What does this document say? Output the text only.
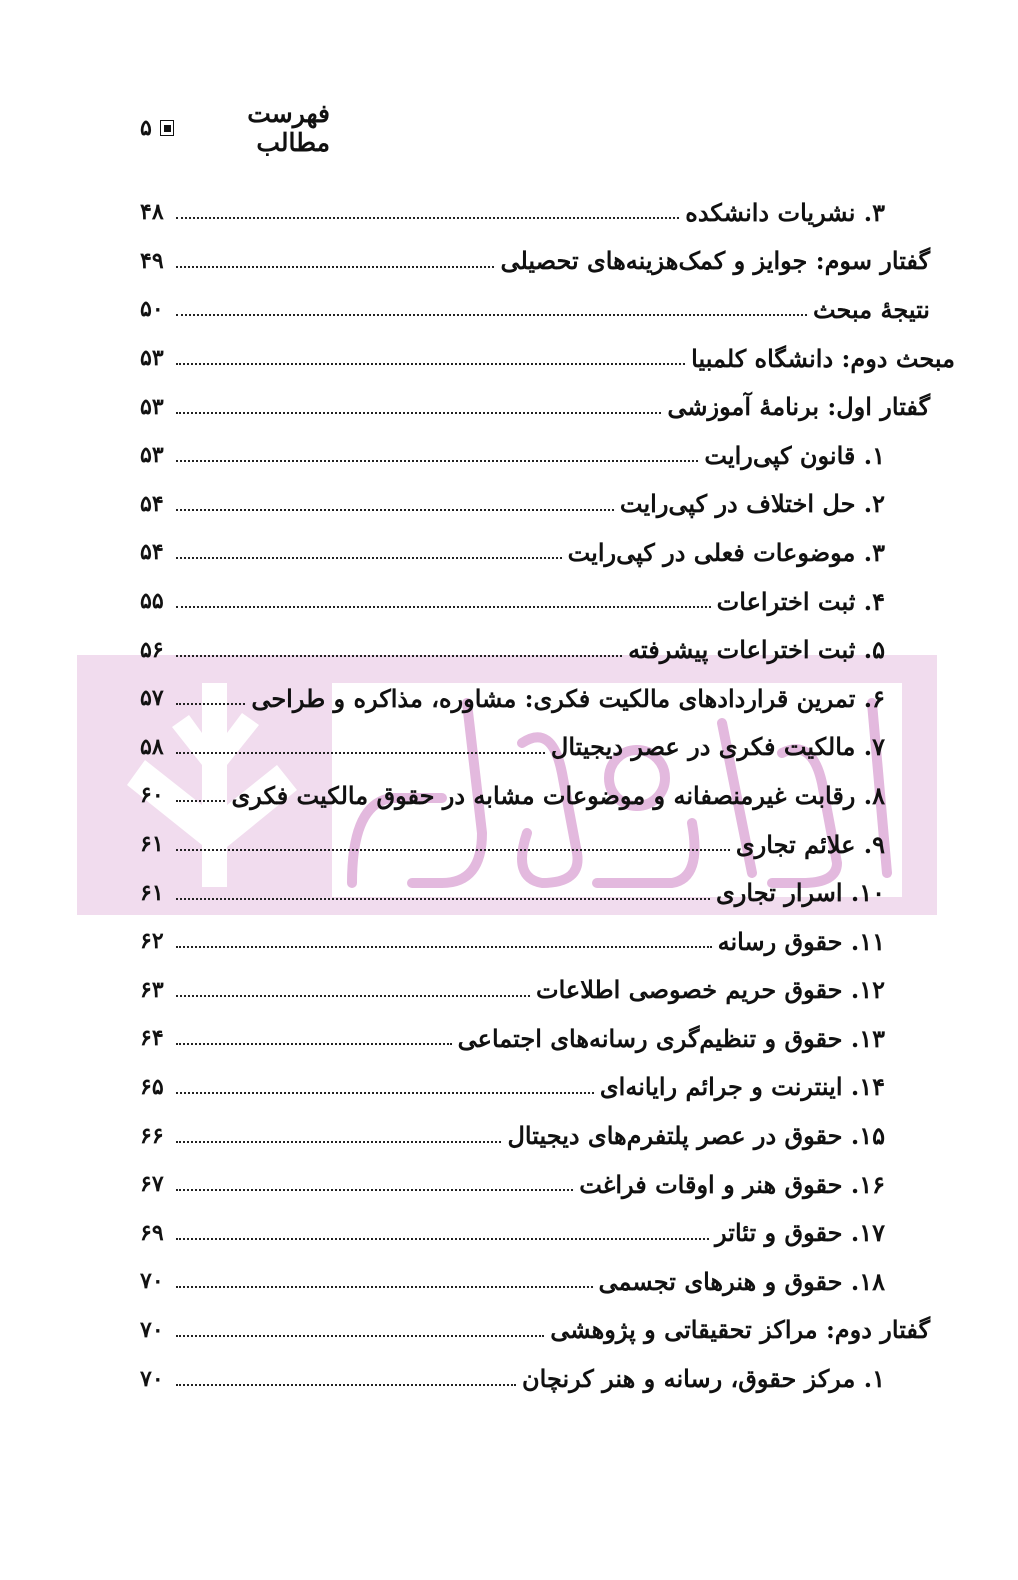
فهرست مطالب
۵
۳. نشریات دانشکده
۴۸
گفتار سوم: جوایز و کمک‌هزینه‌های تحصیلی
۴۹
نتیجهٔ مبحث
۵۰
مبحث دوم: دانشگاه کلمبیا
۵۳
گفتار اول: برنامهٔ آموزشی
۵۳
۱. قانون کپی‌رایت
۵۳
۲. حل اختلاف در کپی‌رایت
۵۴
۳. موضوعات فعلی در کپی‌رایت
۵۴
۴. ثبت اختراعات
۵۵
۵. ثبت اختراعات پیشرفته
۵۶
۶. تمرین قراردادهای مالکیت فکری: مشاوره، مذاکره و طراحی
۵۷
۷. مالکیت فکری در عصر دیجیتال
۵۸
۸. رقابت غیرمنصفانه و موضوعات مشابه در حقوق مالکیت فکری
۶۰
۹. علائم تجاری
۶۱
۱۰. اسرار تجاری
۶۱
۱۱. حقوق رسانه
۶۲
۱۲. حقوق حریم خصوصی اطلاعات
۶۳
۱۳. حقوق و تنظیم‌گری رسانه‌های اجتماعی
۶۴
۱۴. اینترنت و جرائم رایانه‌ای
۶۵
۱۵. حقوق در عصر پلتفرم‌های دیجیتال
۶۶
۱۶. حقوق هنر و اوقات فراغت
۶۷
۱۷. حقوق و تئاتر
۶۹
۱۸. حقوق و هنرهای تجسمی
۷۰
گفتار دوم: مراکز تحقیقاتی و پژوهشی
۷۰
۱. مرکز حقوق، رسانه و هنر کرنچان
۷۰
